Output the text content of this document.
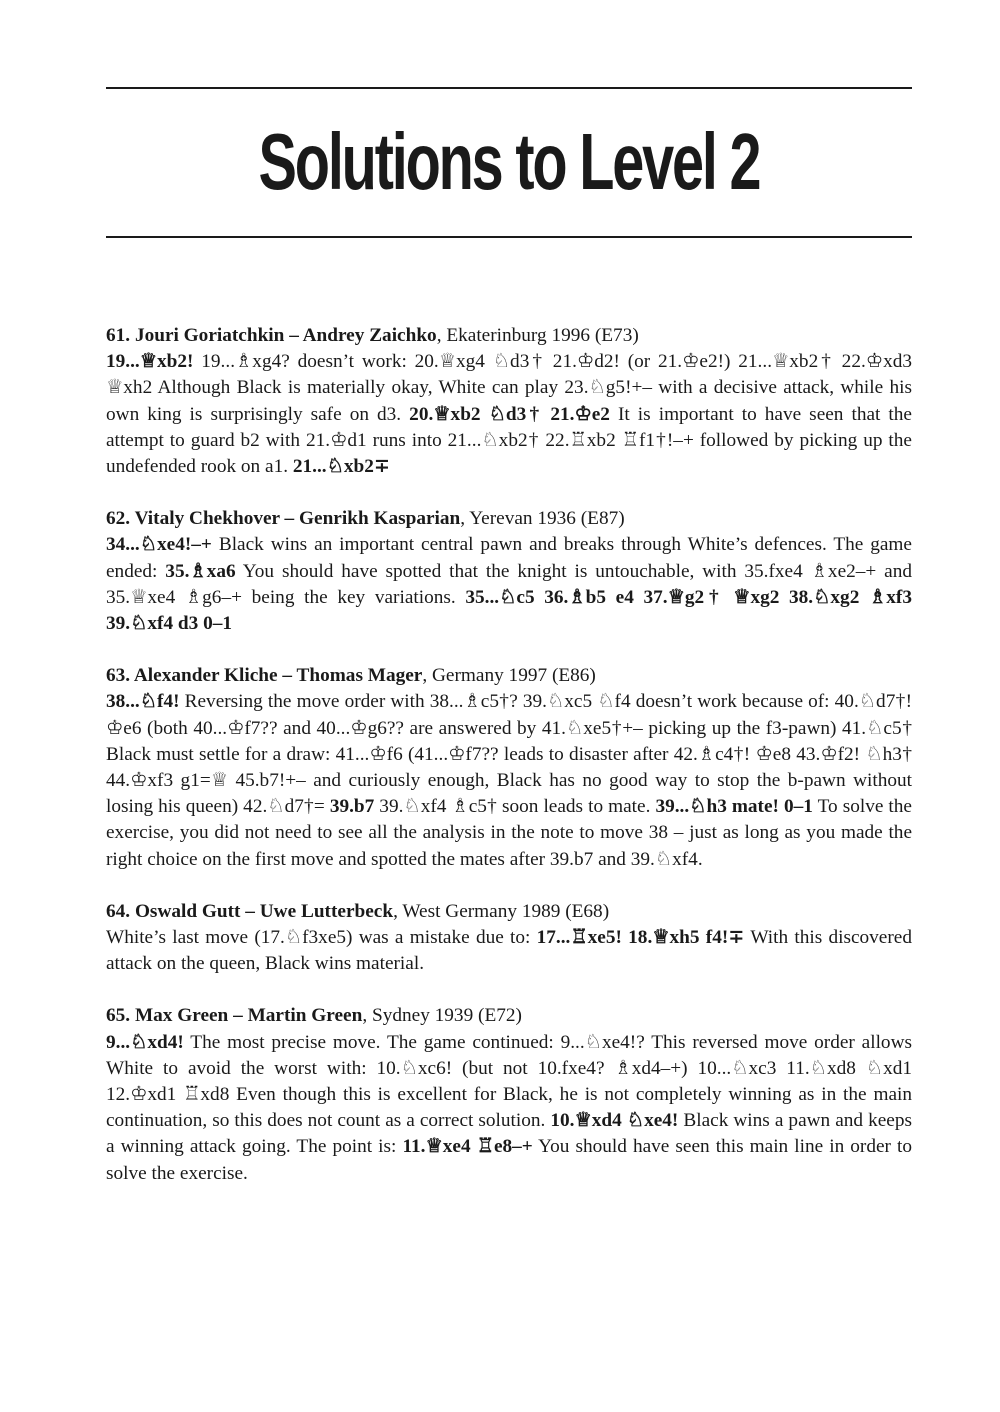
Solutions to Level 2

61. Jouri Goriatchkin – Andrey Zaichko, Ekaterinburg 1996 (E73)

19...♕xb2! 19...♗xg4? doesn’t work: 20.♕xg4 ♘d3† 21.♔d2! (or 21.♔e2!) 21...♕xb2† 22.♔xd3 ♕xh2 Although Black is materially okay, White can play 23.♘g5!+– with a decisive attack, while his own king is surprisingly safe on d3. 20.♕xb2 ♘d3† 21.♔e2 It is important to have seen that the attempt to guard b2 with 21.♔d1 runs into 21...♘xb2† 22.♖xb2 ♖f1†!–+ followed by picking up the undefended rook on a1. 21...♘xb2∓

62. Vitaly Chekhover – Genrikh Kasparian, Yerevan 1936 (E87)

34...♘xe4!–+ Black wins an important central pawn and breaks through White’s defences. The game ended: 35.♗xa6 You should have spotted that the knight is untouchable, with 35.fxe4 ♗xe2–+ and 35.♕xe4 ♗g6–+ being the key variations. 35...♘c5 36.♗b5 e4 37.♕g2† ♕xg2 38.♘xg2 ♗xf3 39.♘xf4 d3 0–1

63. Alexander Kliche – Thomas Mager, Germany 1997 (E86)

38...♘f4! Reversing the move order with 38...♗c5†? 39.♘xc5 ♘f4 doesn’t work because of: 40.♘d7†! ♔e6 (both 40...♔f7?? and 40...♔g6?? are answered by 41.♘xe5†+– picking up the f3-pawn) 41.♘c5† Black must settle for a draw: 41...♔f6 (41...♔f7?? leads to disaster after 42.♗c4†! ♔e8 43.♔f2! ♘h3† 44.♔xf3 g1=♕ 45.b7!+– and curiously enough, Black has no good way to stop the b-pawn without losing his queen) 42.♘d7†= 39.b7 39.♘xf4 ♗c5† soon leads to mate. 39...♘h3 mate! 0–1 To solve the exercise, you did not need to see all the analysis in the note to move 38 – just as long as you made the right choice on the first move and spotted the mates after 39.b7 and 39.♘xf4.

64. Oswald Gutt – Uwe Lutterbeck, West Germany 1989 (E68)

White’s last move (17.♘f3xe5) was a mistake due to: 17...♖xe5! 18.♕xh5 f4!∓ With this discovered attack on the queen, Black wins material.

65. Max Green – Martin Green, Sydney 1939 (E72)

9...♘xd4! The most precise move. The game continued: 9...♘xe4!? This reversed move order allows White to avoid the worst with: 10.♘xc6! (but not 10.fxe4? ♗xd4–+) 10...♘xc3 11.♘xd8 ♘xd1 12.♔xd1 ♖xd8 Even though this is excellent for Black, he is not completely winning as in the main continuation, so this does not count as a correct solution. 10.♕xd4 ♘xe4! Black wins a pawn and keeps a winning attack going. The point is: 11.♕xe4 ♖e8–+ You should have seen this main line in order to solve the exercise.
